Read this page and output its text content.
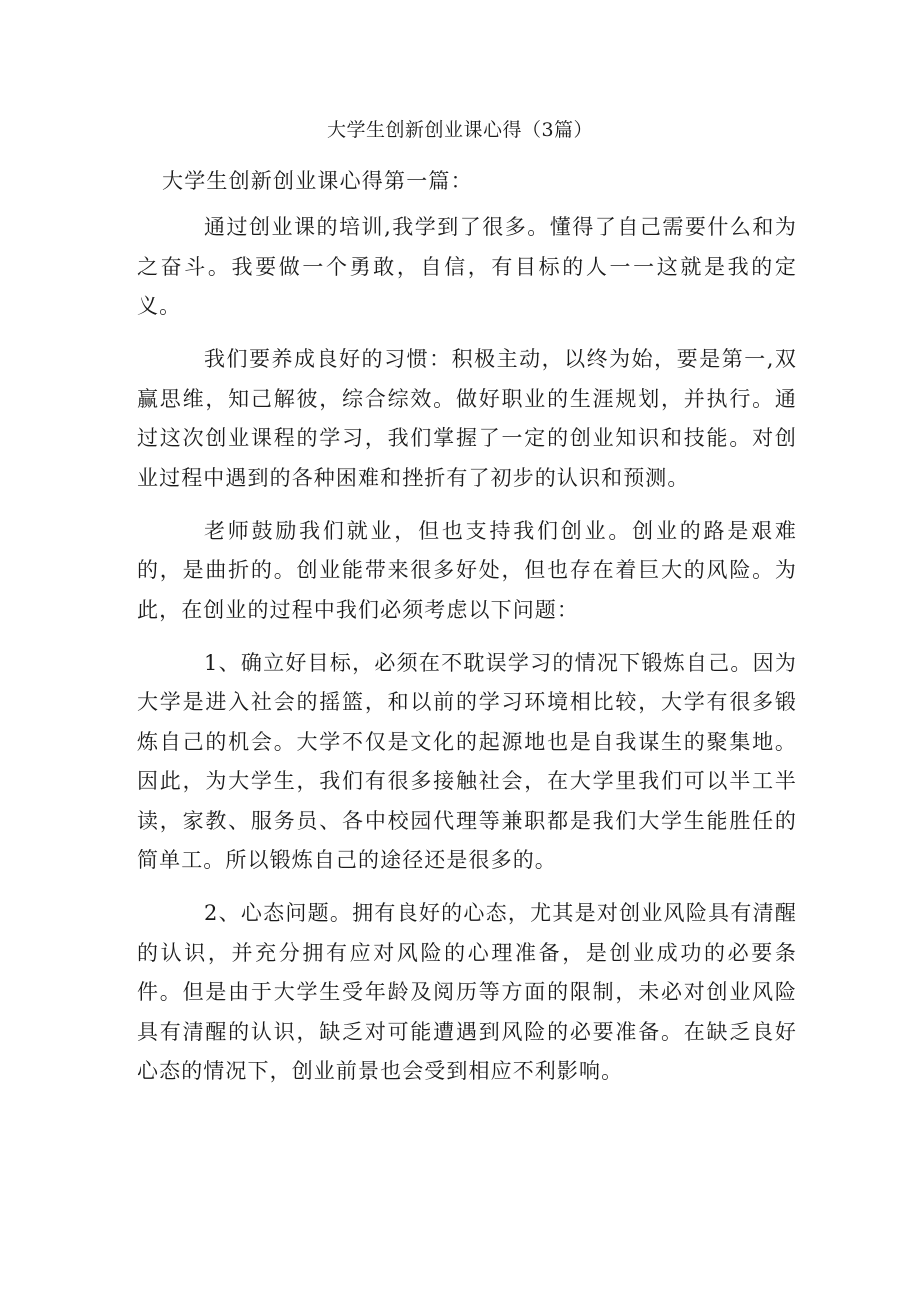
大学生创新创业课心得（3篇）
大学生创新创业课心得第一篇：

通过创业课的培训,我学到了很多。懂得了自己需要什么和为之奋斗。我要做一个勇敢，自信，有目标的人一一这就是我的定义。

我们要养成良好的习惯：积极主动，以终为始，要是第一,双赢思维，知己解彼，综合综效。做好职业的生涯规划，并执行。通过这次创业课程的学习，我们掌握了一定的创业知识和技能。对创业过程中遇到的各种困难和挫折有了初步的认识和预测。

老师鼓励我们就业，但也支持我们创业。创业的路是艰难的，是曲折的。创业能带来很多好处，但也存在着巨大的风险。为此，在创业的过程中我们必须考虑以下问题：

1、确立好目标，必须在不耽误学习的情况下锻炼自己。因为大学是进入社会的摇篮，和以前的学习环境相比较，大学有很多锻炼自己的机会。大学不仅是文化的起源地也是自我谋生的聚集地。因此，为大学生，我们有很多接触社会，在大学里我们可以半工半读，家教、服务员、各中校园代理等兼职都是我们大学生能胜任的简单工。所以锻炼自己的途径还是很多的。

2、心态问题。拥有良好的心态，尤其是对创业风险具有清醒的认识，并充分拥有应对风险的心理准备，是创业成功的必要条件。但是由于大学生受年龄及阅历等方面的限制，未必对创业风险具有清醒的认识，缺乏对可能遭遇到风险的必要准备。在缺乏良好心态的情况下，创业前景也会受到相应不利影响。
